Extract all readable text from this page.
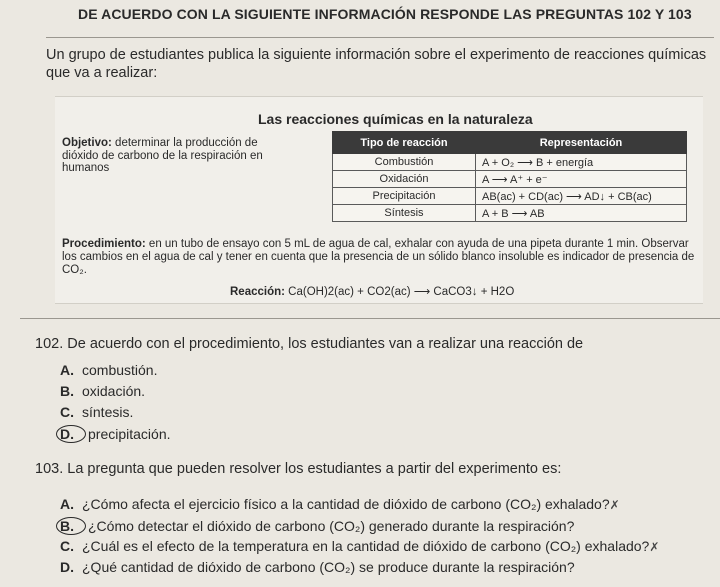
DE ACUERDO CON LA SIGUIENTE INFORMACIÓN RESPONDE LAS PREGUNTAS 102 Y 103
Un grupo de estudiantes publica la siguiente información sobre el experimento de reacciones químicas que va a realizar:
Las reacciones químicas en la naturaleza
Objetivo: determinar la producción de dióxido de carbono de la respiración en humanos
Tipo de reacción	Representación
Combustión	A + O₂ ⟶ B + energía
Oxidación	A ⟶ A⁺ + e⁻
Precipitación	AB(ac) + CD(ac) ⟶ AD↓ + CB(ac)
Síntesis	A + B ⟶ AB
Procedimiento: en un tubo de ensayo con 5 mL de agua de cal, exhalar con ayuda de una pipeta durante 1 min. Observar los cambios en el agua de cal y tener en cuenta que la presencia de un sólido blanco insoluble es indicador de presencia de CO₂.
Reacción: Ca(OH)2(ac) + CO2(ac) ⟶ CaCO3↓ + H2O
102. De acuerdo con el procedimiento, los estudiantes van a realizar una reacción de
A. combustión.
B. oxidación.
C. síntesis.
D. precipitación.
103. La pregunta que pueden resolver los estudiantes a partir del experimento es:
A. ¿Cómo afecta el ejercicio físico a la cantidad de dióxido de carbono (CO₂) exhalado?✗
B. ¿Cómo detectar el dióxido de carbono (CO₂) generado durante la respiración?
C. ¿Cuál es el efecto de la temperatura en la cantidad de dióxido de carbono (CO₂) exhalado?✗
D. ¿Qué cantidad de dióxido de carbono (CO₂) se produce durante la respiración?
